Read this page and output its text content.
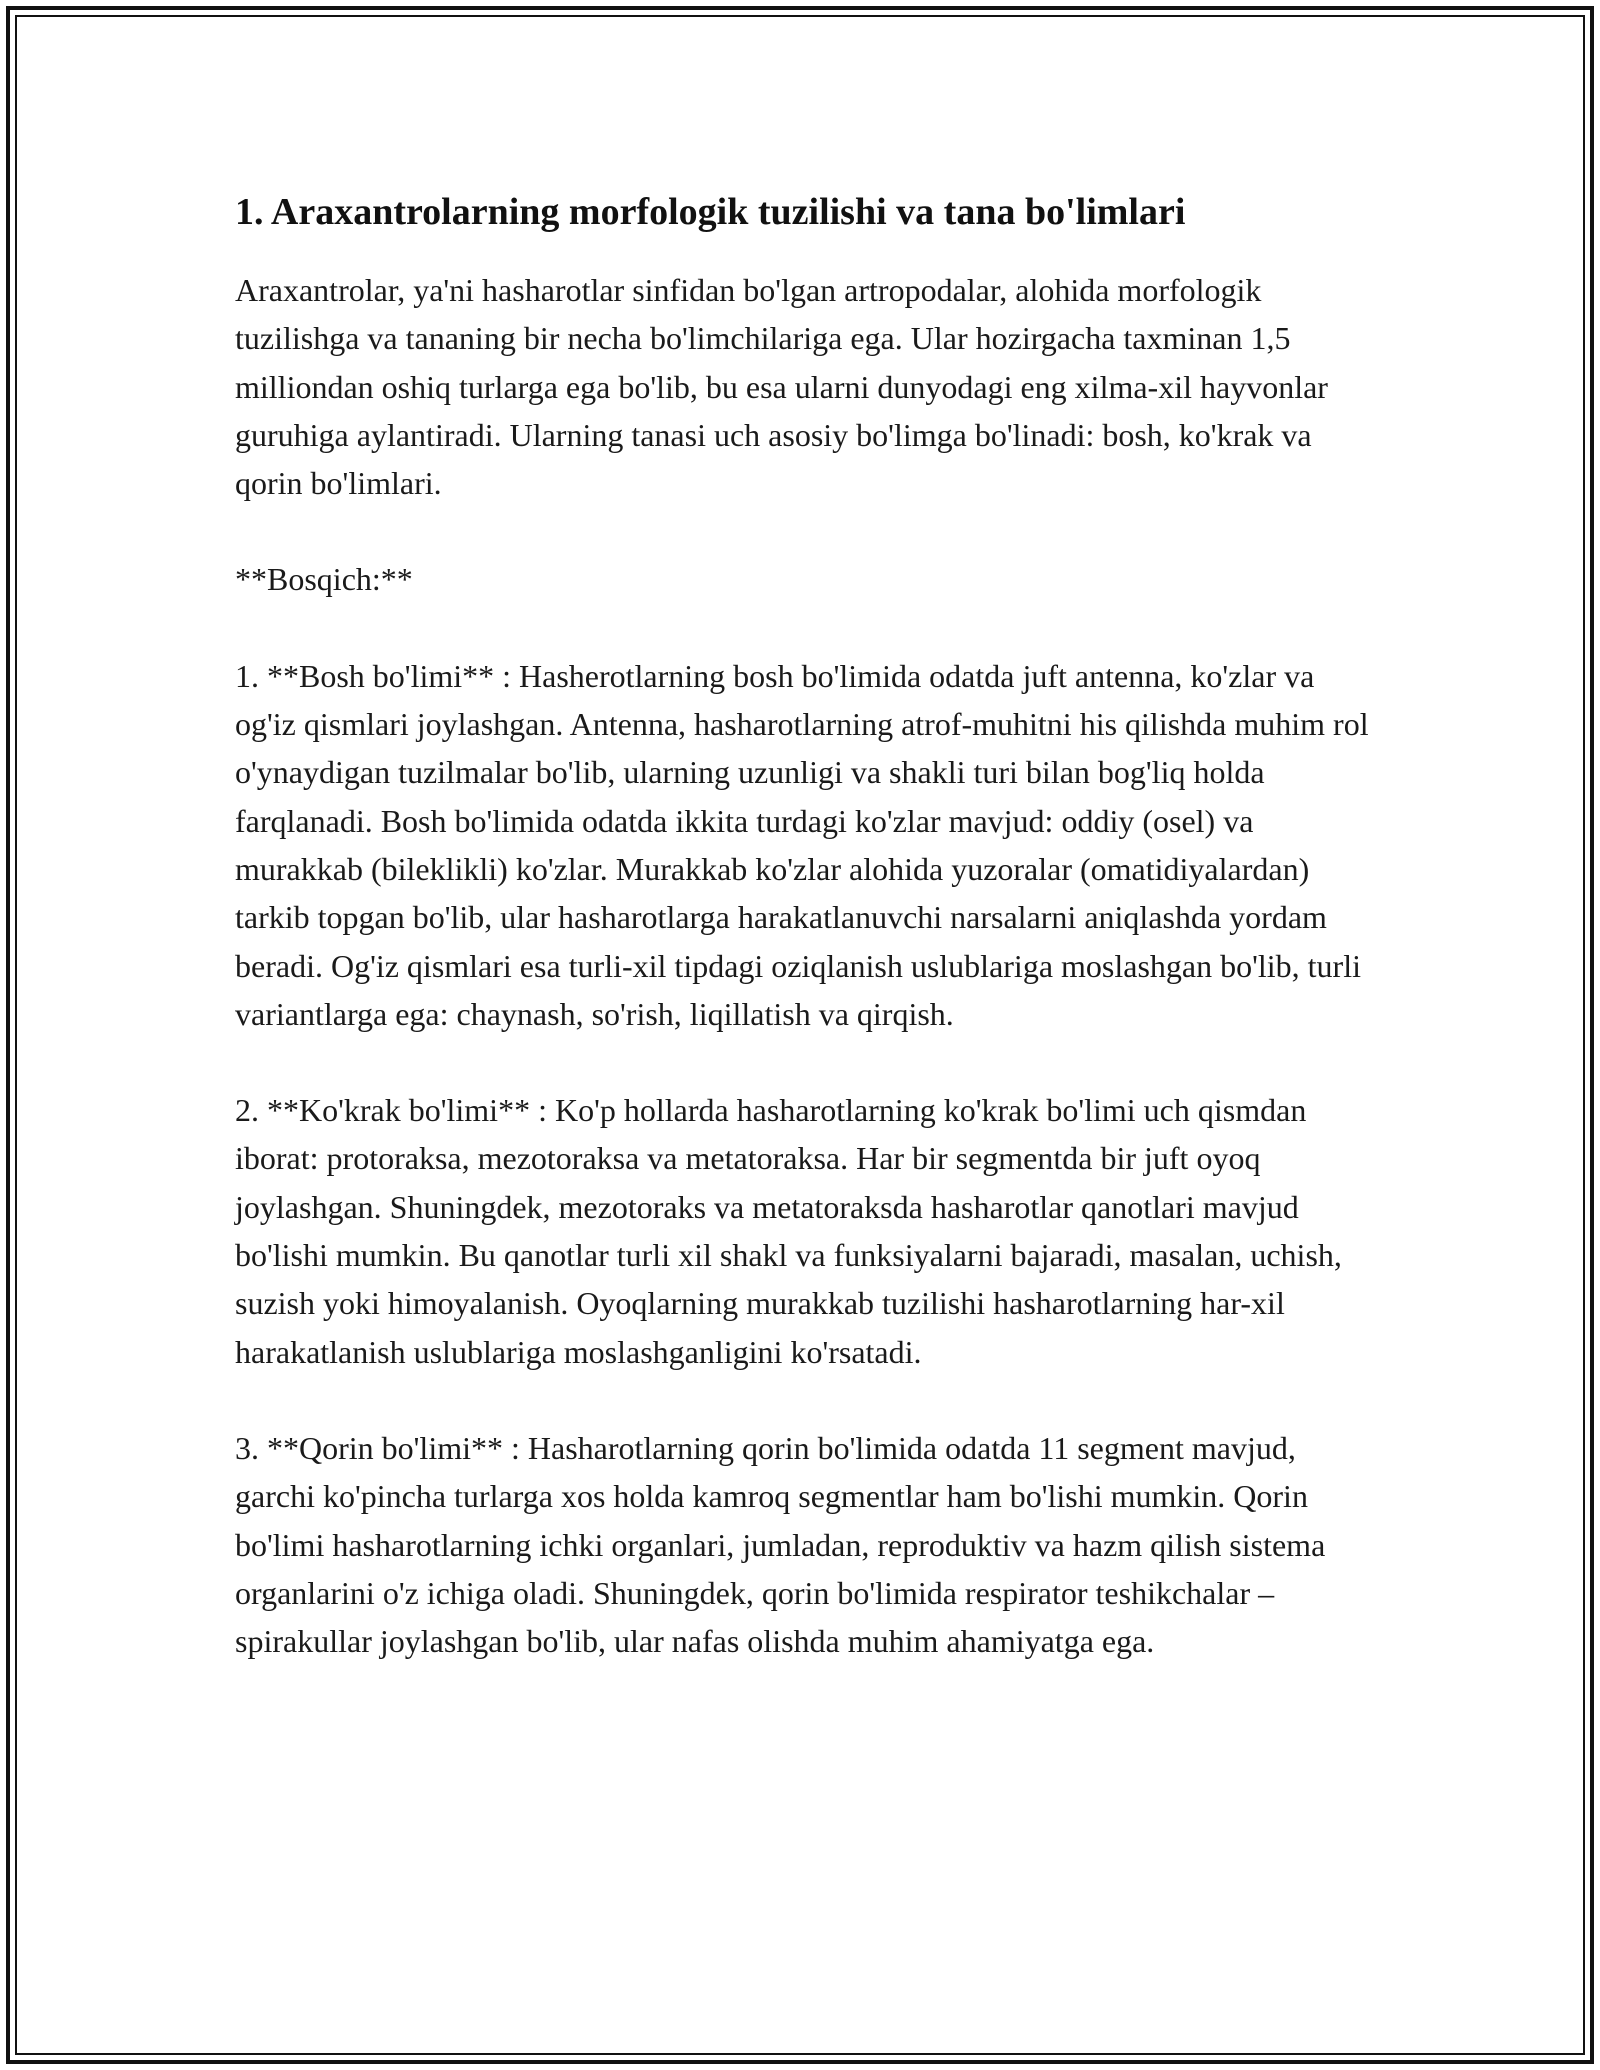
1. Araxantrolarning morfologik tuzilishi va tana bo'limlari

Araxantrolar, ya'ni hasharotlar sinfidan bo'lgan artropodalar, alohida morfologik tuzilishga va tananing bir necha bo'limchilariga ega. Ular hozirgacha taxminan 1,5 milliondan oshiq turlarga ega bo'lib, bu esa ularni dunyodagi eng xilma-xil hayvonlar guruhiga aylantiradi. Ularning tanasi uch asosiy bo'limga bo'linadi: bosh, ko'krak va qorin bo'limlari.

**Bosqich:**

1. **Bosh bo'limi** : Hasherotlarning bosh bo'limida odatda juft antenna, ko'zlar va og'iz qismlari joylashgan. Antenna, hasharotlarning atrof-muhitni his qilishda muhim rol o'ynaydigan tuzilmalar bo'lib, ularning uzunligi va shakli turi bilan bog'liq holda farqlanadi. Bosh bo'limida odatda ikkita turdagi ko'zlar mavjud: oddiy (osel) va murakkab (bileklikli) ko'zlar. Murakkab ko'zlar alohida yuzoralar (omatidiyalardan) tarkib topgan bo'lib, ular hasharotlarga harakatlanuvchi narsalarni aniqlashda yordam beradi. Og'iz qismlari esa turli-xil tipdagi oziqlanish uslublariga moslashgan bo'lib, turli variantlarga ega: chaynash, so'rish, liqillatish va qirqish.

2. **Ko'krak bo'limi** : Ko'p hollarda hasharotlarning ko'krak bo'limi uch qismdan iborat: protoraksa, mezotoraksa va metatoraksa. Har bir segmentda bir juft oyoq joylashgan. Shuningdek, mezotoraks va metatoraksda hasharotlar qanotlari mavjud bo'lishi mumkin. Bu qanotlar turli xil shakl va funksiyalarni bajaradi, masalan, uchish, suzish yoki himoyalanish. Oyoqlarning murakkab tuzilishi hasharotlarning har-xil harakatlanish uslublariga moslashganligini ko'rsatadi.

3. **Qorin bo'limi** : Hasharotlarning qorin bo'limida odatda 11 segment mavjud, garchi ko'pincha turlarga xos holda kamroq segmentlar ham bo'lishi mumkin. Qorin bo'limi hasharotlarning ichki organlari, jumladan, reproduktiv va hazm qilish sistema organlarini o'z ichiga oladi. Shuningdek, qorin bo'limida respirator teshikchalar – spirakullar joylashgan bo'lib, ular nafas olishda muhim ahamiyatga ega.
